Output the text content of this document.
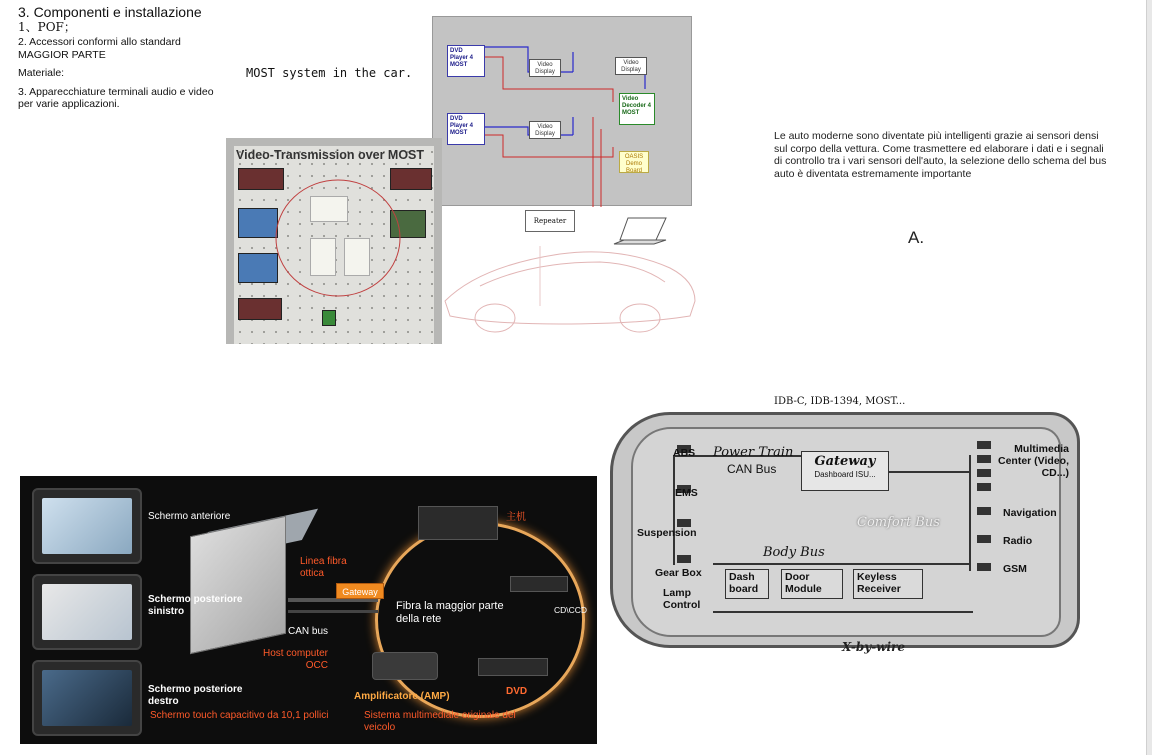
3. Componenti e installazione
1、POF；
2. Accessori conformi allo standard MAGGIOR PARTE
Materiale:
3. Apparecchiature terminali audio e video per varie applicazioni.
MOST system in the car.
DVD Player 4 MOST
DVD Player 4 MOST
Video Display
Video Display
Video Display
Video Decoder 4 MOST
OASIS Demo Board
Repeater
Video-Transmission over MOST
Le auto moderne sono diventate più intelligenti grazie ai sensori densi sul corpo della vettura. Come trasmettere ed elaborare i dati e i segnali di controllo tra i vari sensori dell'auto, la selezione dello schema del bus auto è diventata estremamente importante
A.
Gateway
Schermo anteriore
Schermo posteriore sinistro
Schermo posteriore destro
Schermo touch capacitivo da 10,1 pollici
Linea fibra ottica
CAN bus
Host computer OCC
Fibra la maggior parte della rete
主机
CD\CCD
DVD
Amplificatore (AMP)
Sistema multimediale originale del veicolo
IDB-C, IDB-1394, MOST...
Gateway
Dashboard ISU...
ABS Power Train
CAN Bus
EMS
Suspension
Comfort Bus
Body Bus
Gear Box
Lamp Control
Dash board
Door Module
Keyless Receiver
Multimedia Center (Video, CD...)
Navigation
Radio
GSM
X-by-wire
